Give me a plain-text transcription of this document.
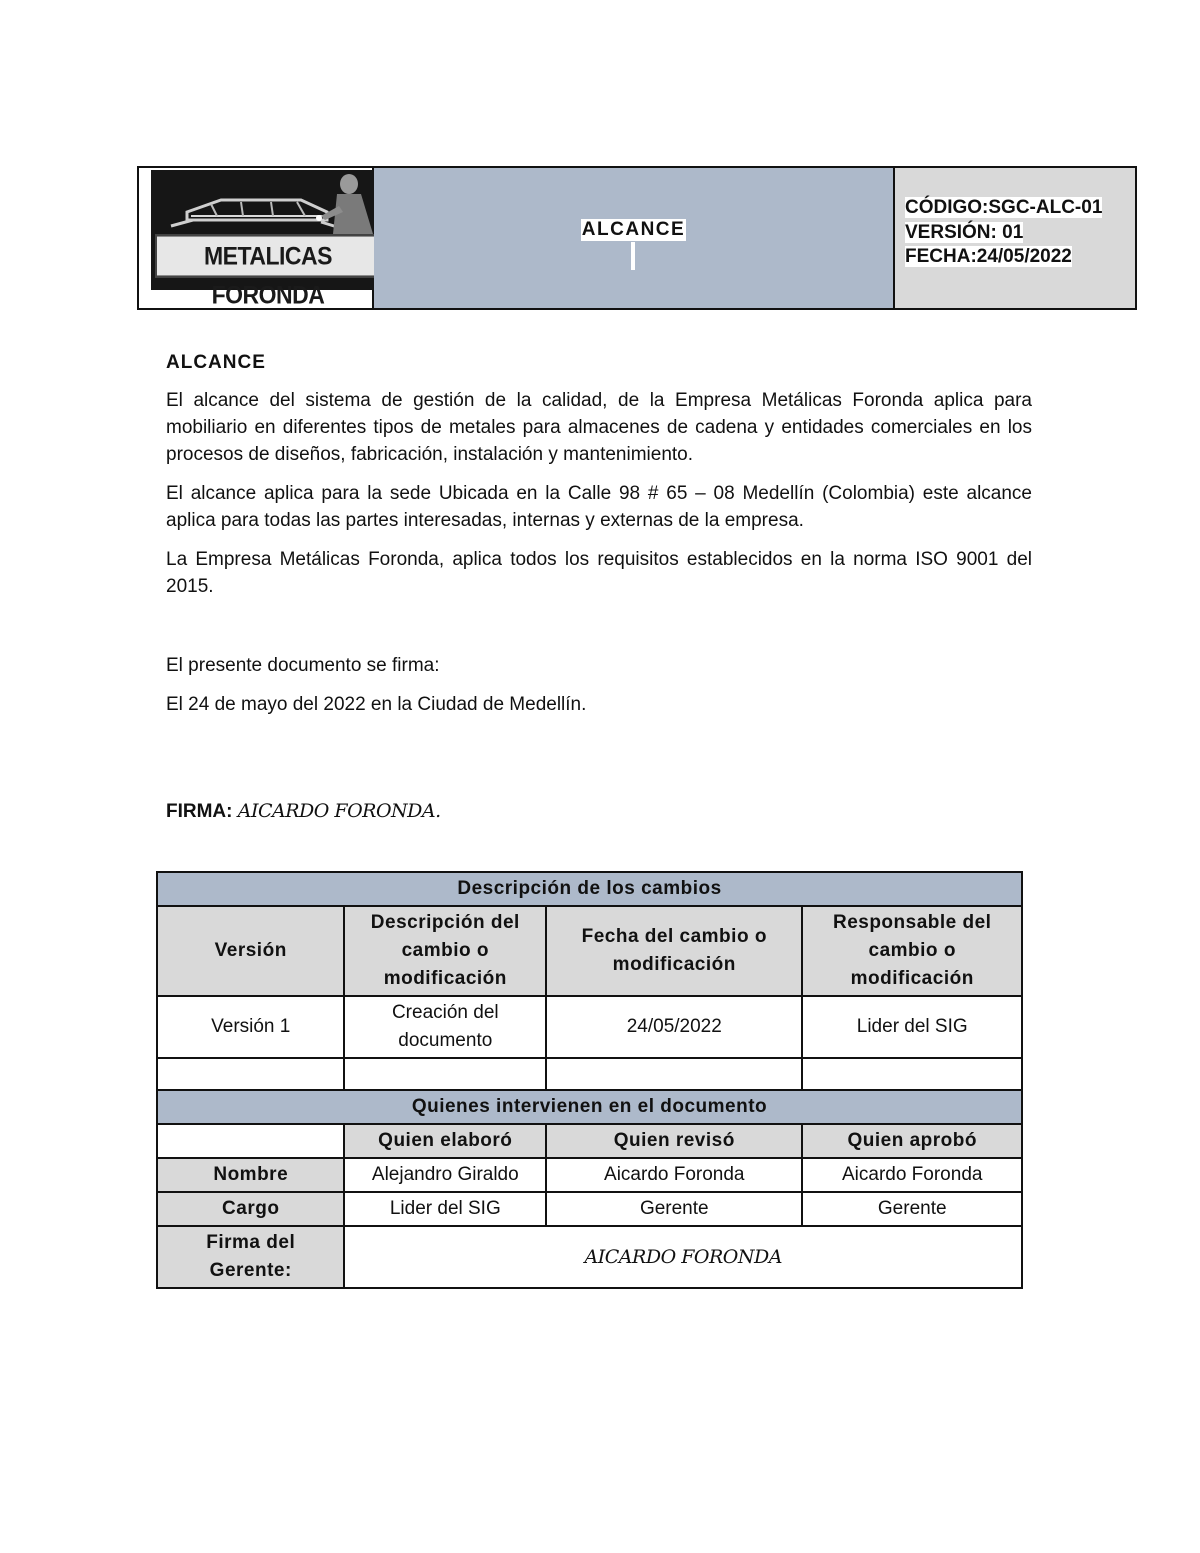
METALICAS FORONDA
ALCANCE
CÓDIGO:SGC-ALC-01
VERSIÓN: 01
FECHA:24/05/2022
ALCANCE

El alcance del sistema de gestión de la calidad, de la Empresa Metálicas Foronda aplica para mobiliario en diferentes tipos de metales para almacenes de cadena y entidades comerciales en los procesos de diseños, fabricación, instalación y mantenimiento.

El alcance aplica para la sede Ubicada en la Calle 98 # 65 – 08 Medellín (Colombia) este alcance aplica para todas las partes interesadas, internas y externas de la empresa.

La Empresa Metálicas Foronda, aplica todos los requisitos establecidos en la norma ISO 9001 del 2015.

El presente documento se firma:

El 24 de mayo del 2022 en la Ciudad de Medellín.

FIRMA: AICARDO FORONDA.
Descripción de los cambios			
Versión	Descripción del cambio o modificación	Fecha del cambio o modificación	Responsable del cambio o modificación
Versión 1	Creación del documento	24/05/2022	Lider del SIG

Quienes intervienen en el documento			
	Quien elaboró	Quien revisó	Quien aprobó
Nombre	Alejandro Giraldo	Aicardo Foronda	Aicardo Foronda
Cargo	Lider del SIG	Gerente	Gerente
Firma del Gerente:	AICARDO FORONDA		
